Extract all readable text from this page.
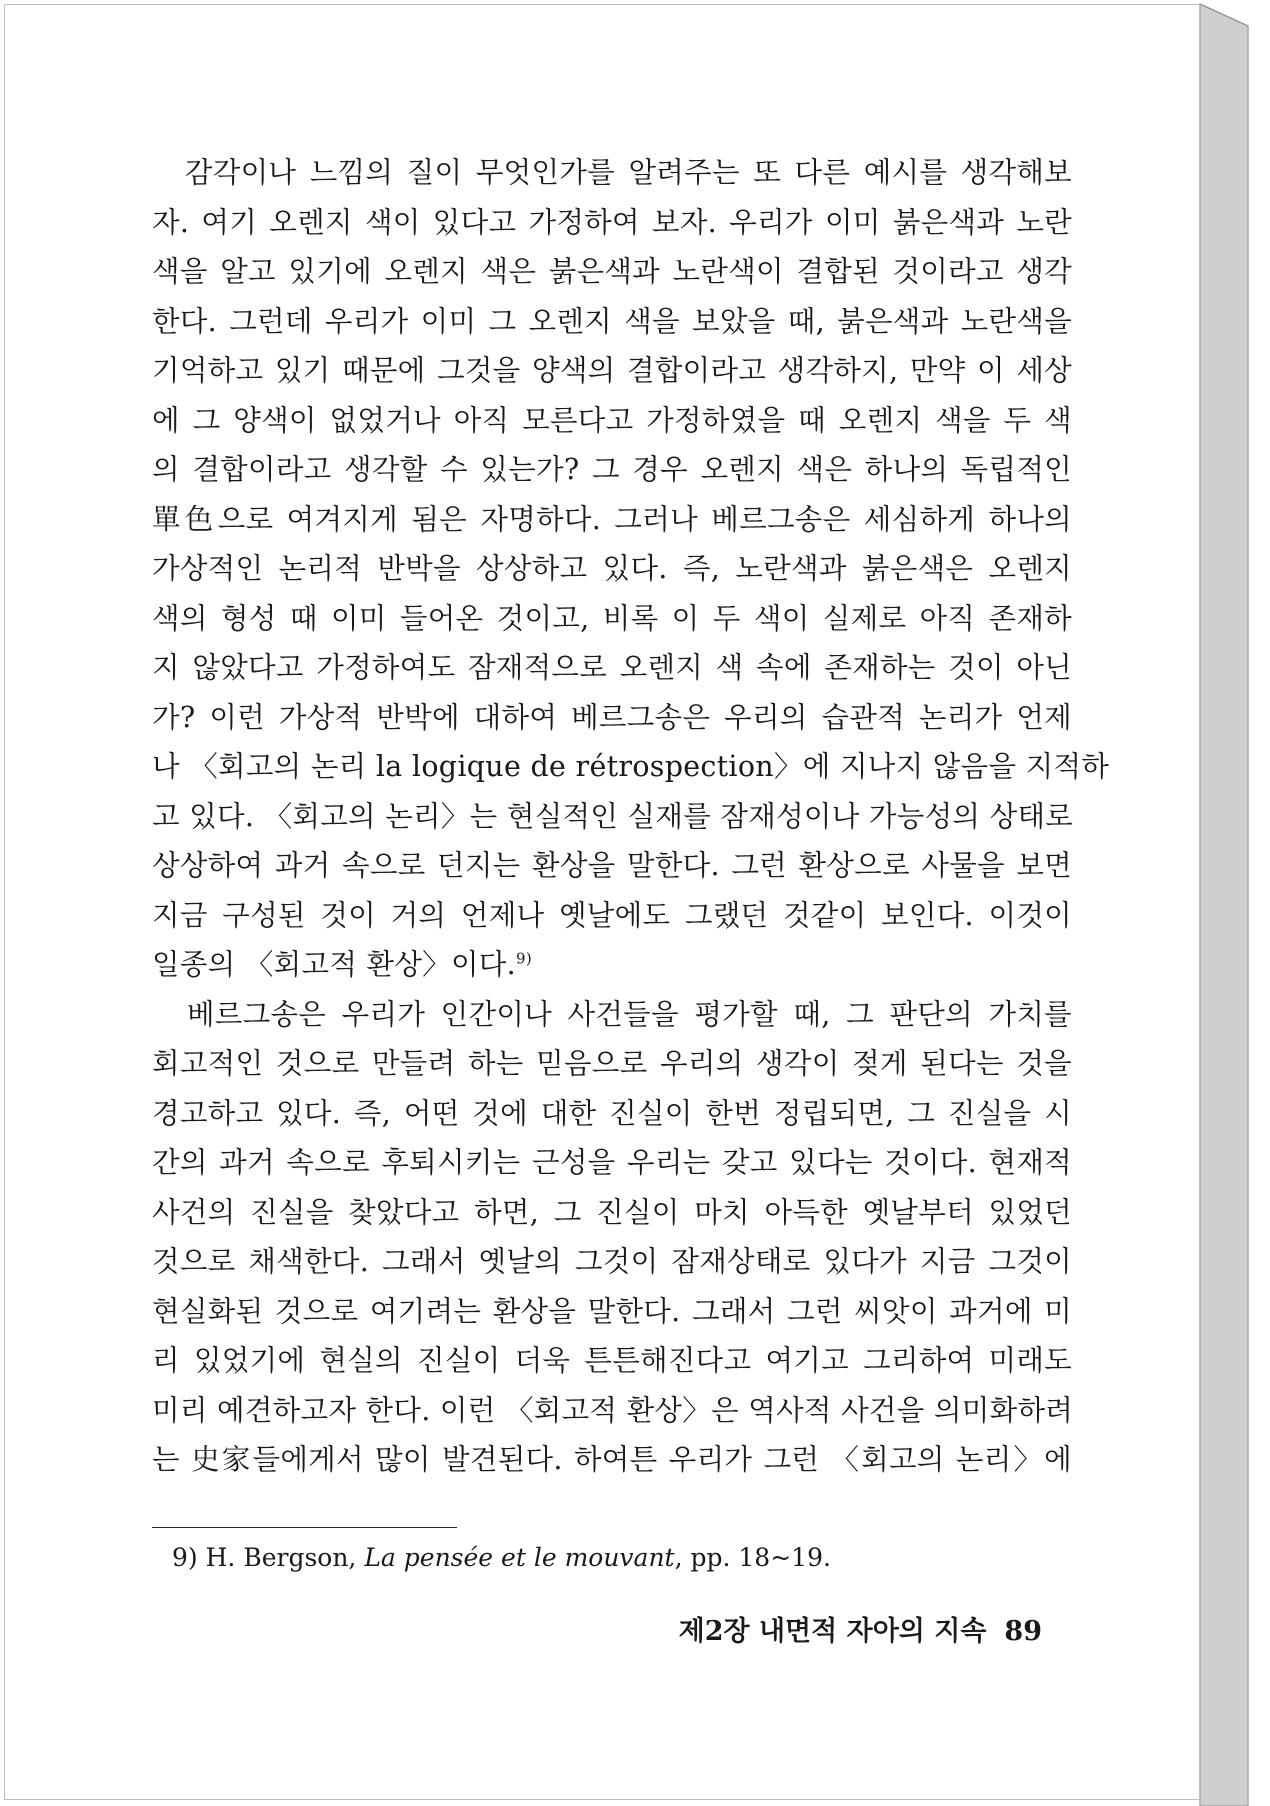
　감각이나 느낌의 질이 무엇인가를 알려주는 또 다른 예시를 생각해보
자. 여기 오렌지 색이 있다고 가정하여 보자. 우리가 이미 붉은색과 노란
색을 알고 있기에 오렌지 색은 붉은색과 노란색이 결합된 것이라고 생각
한다. 그런데 우리가 이미 그 오렌지 색을 보았을 때, 붉은색과 노란색을
기억하고 있기 때문에 그것을 양색의 결합이라고 생각하지, 만약 이 세상
에 그 양색이 없었거나 아직 모른다고 가정하였을 때 오렌지 색을 두 색
의 결합이라고 생각할 수 있는가? 그 경우 오렌지 색은 하나의 독립적인
單色으로 여겨지게 됨은 자명하다. 그러나 베르그송은 세심하게 하나의
가상적인 논리적 반박을 상상하고 있다. 즉, 노란색과 붉은색은 오렌지
색의 형성 때 이미 들어온 것이고, 비록 이 두 색이 실제로 아직 존재하
지 않았다고 가정하여도 잠재적으로 오렌지 색 속에 존재하는 것이 아닌
가? 이런 가상적 반박에 대하여 베르그송은 우리의 습관적 논리가 언제
나 〈회고의 논리 la logique de rétrospection〉에 지나지 않음을 지적하
고 있다. 〈회고의 논리〉는 현실적인 실재를 잠재성이나 가능성의 상태로
상상하여 과거 속으로 던지는 환상을 말한다. 그런 환상으로 사물을 보면
지금 구성된 것이 거의 언제나 옛날에도 그랬던 것같이 보인다. 이것이
일종의 〈회고적 환상〉이다.$^{9)}$
　베르그송은 우리가 인간이나 사건들을 평가할 때, 그 판단의 가치를
회고적인 것으로 만들려 하는 믿음으로 우리의 생각이 젖게 된다는 것을
경고하고 있다. 즉, 어떤 것에 대한 진실이 한번 정립되면, 그 진실을 시
간의 과거 속으로 후퇴시키는 근성을 우리는 갖고 있다는 것이다. 현재적
사건의 진실을 찾았다고 하면, 그 진실이 마치 아득한 옛날부터 있었던
것으로 채색한다. 그래서 옛날의 그것이 잠재상태로 있다가 지금 그것이
현실화된 것으로 여기려는 환상을 말한다. 그래서 그런 씨앗이 과거에 미
리 있었기에 현실의 진실이 더욱 튼튼해진다고 여기고 그리하여 미래도
미리 예견하고자 한다. 이런 〈회고적 환상〉은 역사적 사건을 의미화하려
는 史家들에게서 많이 발견된다. 하여튼 우리가 그런 〈회고의 논리〉에
9) H. Bergson, La pensée et le mouvant, pp. 18~19.
제2장 내면적 자아의 지속 89
